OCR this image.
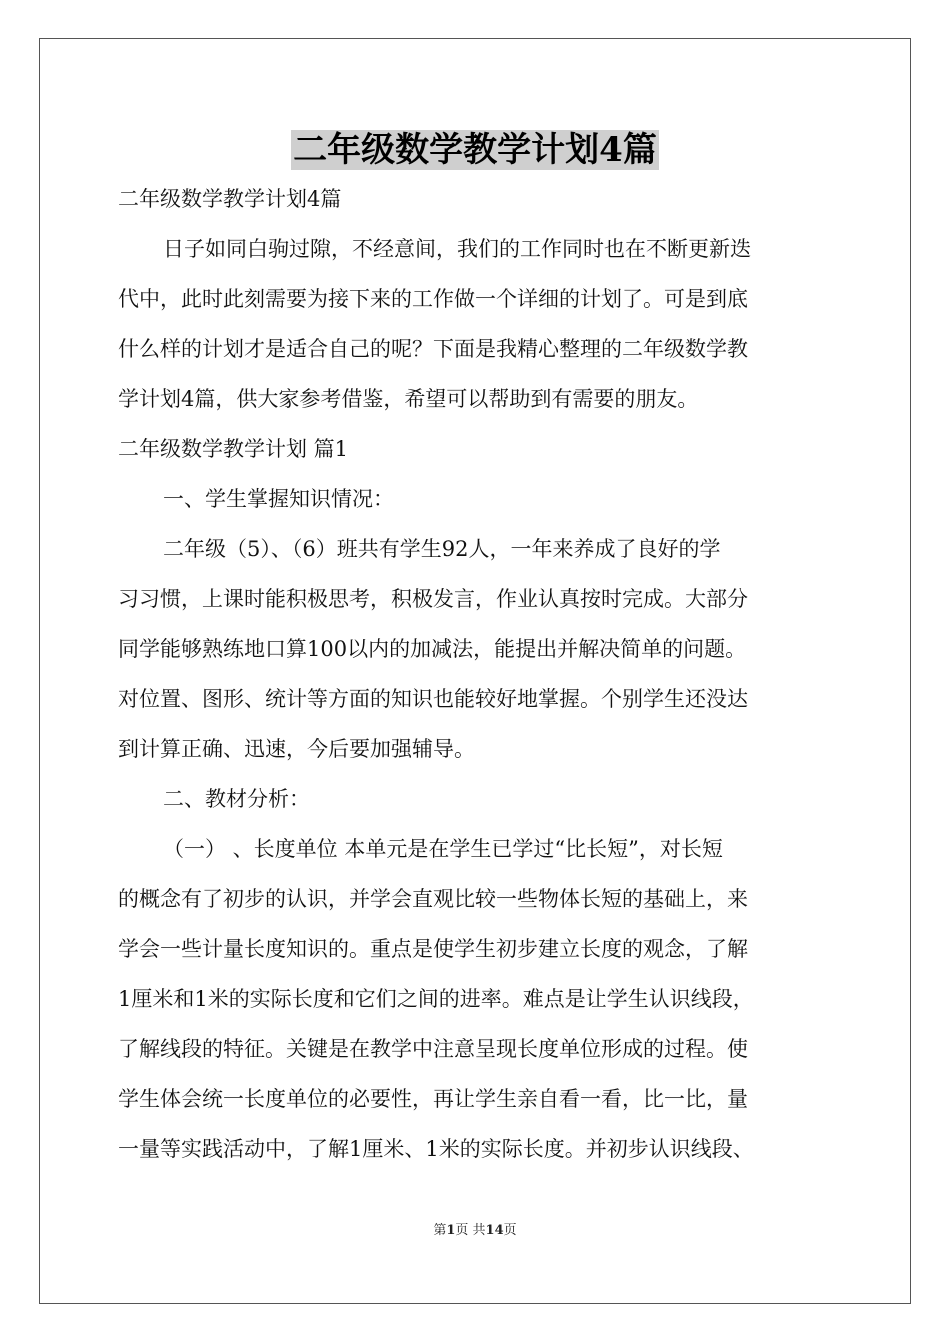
二年级数学教学计划4篇
二年级数学教学计划4篇
日子如同白驹过隙，不经意间，我们的工作同时也在不断更新迭
代中，此时此刻需要为接下来的工作做一个详细的计划了。可是到底
什么样的计划才是适合自己的呢？下面是我精心整理的二年级数学教
学计划4篇，供大家参考借鉴，希望可以帮助到有需要的朋友。
二年级数学教学计划 篇1
一、学生掌握知识情况：
二年级（5）、（6）班共有学生92人，一年来养成了良好的学
习习惯，上课时能积极思考，积极发言，作业认真按时完成。大部分
同学能够熟练地口算100以内的加减法，能提出并解决简单的问题。
对位置、图形、统计等方面的知识也能较好地掌握。个别学生还没达
到计算正确、迅速，今后要加强辅导。
二、教材分析：
（一） 、长度单位 本单元是在学生已学过“比长短”，对长短
的概念有了初步的认识，并学会直观比较一些物体长短的基础上，来
学会一些计量长度知识的。重点是使学生初步建立长度的观念，了解
1厘米和1米的实际长度和它们之间的进率。难点是让学生认识线段，
了解线段的特征。关键是在教学中注意呈现长度单位形成的过程。使
学生体会统一长度单位的必要性，再让学生亲自看一看，比一比，量
一量等实践活动中，了解1厘米、1米的实际长度。并初步认识线段、
第1页 共14页
